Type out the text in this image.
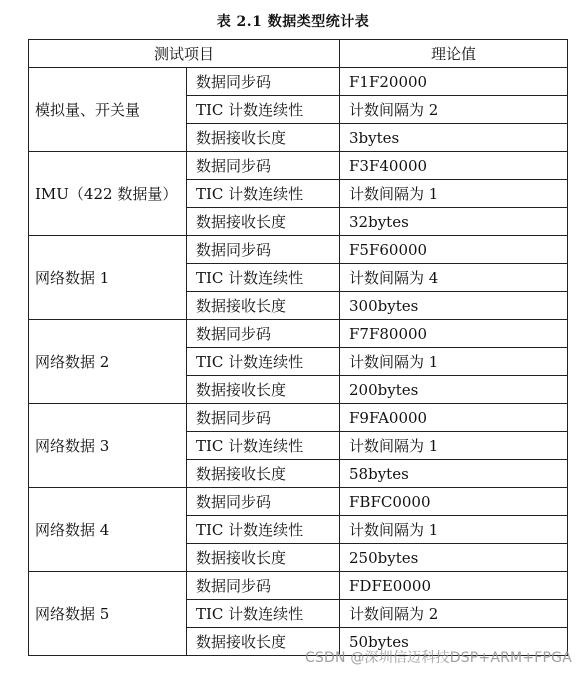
表 2.1 数据类型统计表
测试项目		理论值
模拟量、开关量	数据同步码	F1F20000
	TIC 计数连续性	计数间隔为 2
	数据接收长度	3bytes
IMU（422 数据量）	数据同步码	F3F40000
	TIC 计数连续性	计数间隔为 1
	数据接收长度	32bytes
网络数据 1	数据同步码	F5F60000
	TIC 计数连续性	计数间隔为 4
	数据接收长度	300bytes
网络数据 2	数据同步码	F7F80000
	TIC 计数连续性	计数间隔为 1
	数据接收长度	200bytes
网络数据 3	数据同步码	F9FA0000
	TIC 计数连续性	计数间隔为 1
	数据接收长度	58bytes
网络数据 4	数据同步码	FBFC0000
	TIC 计数连续性	计数间隔为 1
	数据接收长度	250bytes
网络数据 5	数据同步码	FDFE0000
	TIC 计数连续性	计数间隔为 2
	数据接收长度	50bytes
CSDN @深圳信迈科技DSP+ARM+FPGA
